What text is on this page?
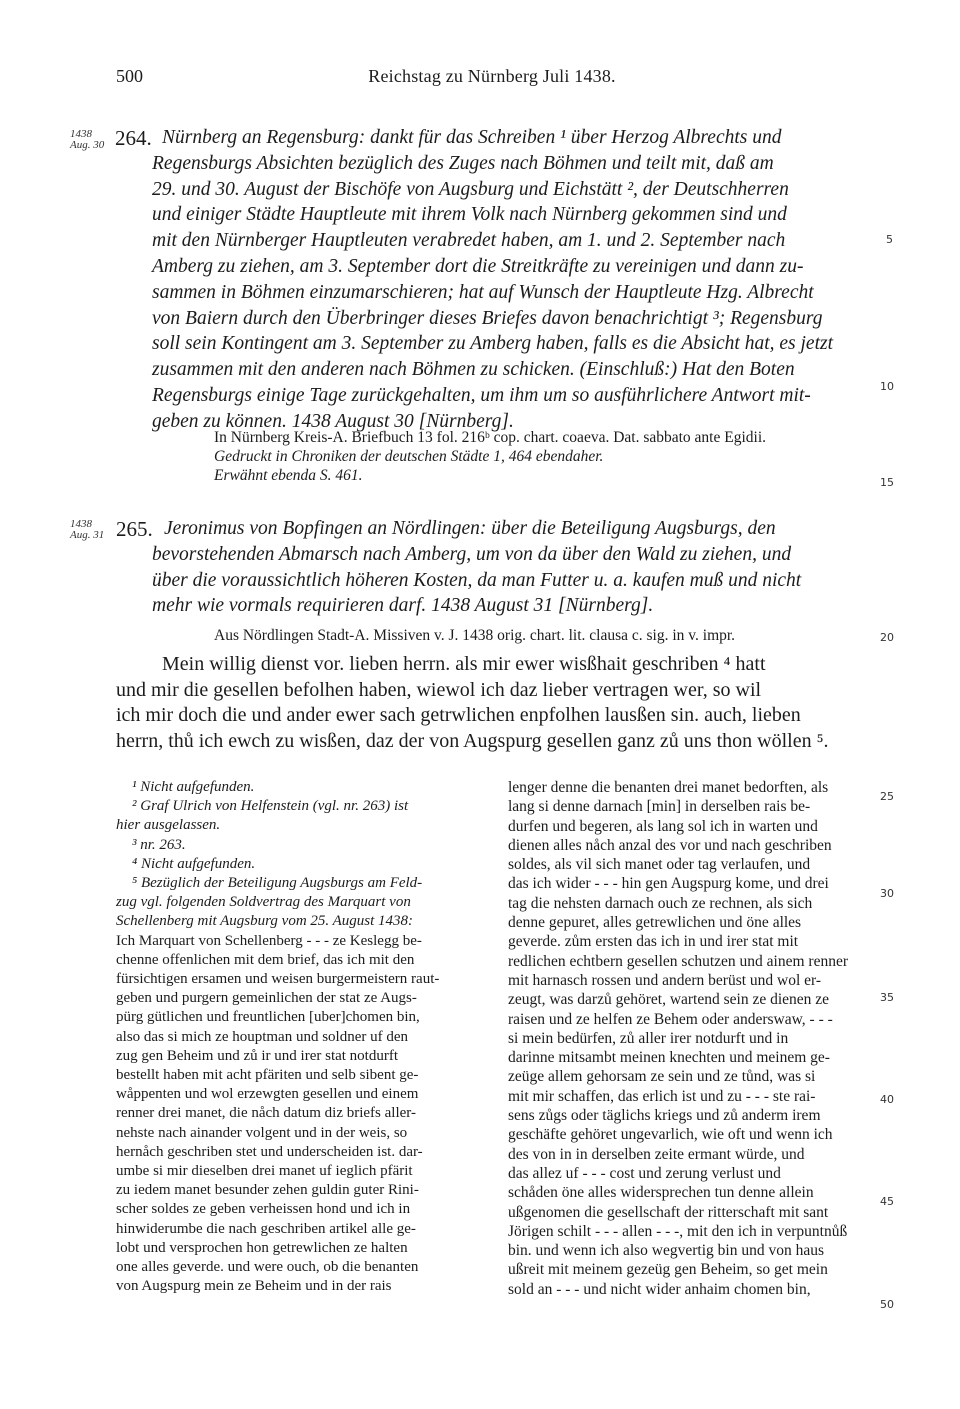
500	Reichstag zu Nürnberg Juli 1438.
1438
Aug. 30 264. Nürnberg an Regensburg: dankt für das Schreiben ¹ über Herzog Albrechts und
Regensburgs Absichten bezüglich des Zuges nach Böhmen und teilt mit, daß am
29. und 30. August der Bischöfe von Augsburg und Eichstätt ², der Deutschherren
und einiger Städte Hauptleute mit ihrem Volk nach Nürnberg gekommen sind und
mit den Nürnberger Hauptleuten verabredet haben, am 1. und 2. September nach
Amberg zu ziehen, am 3. September dort die Streitkräfte zu vereinigen und dann zu-
sammen in Böhmen einzumarschieren; hat auf Wunsch der Hauptleute Hzg. Albrecht
von Baiern durch den Überbringer dieses Briefes davon benachrichtigt ³; Regensburg
soll sein Kontingent am 3. September zu Amberg haben, falls es die Absicht hat, es jetzt
zusammen mit den anderen nach Böhmen zu schicken. (Einschluß:) Hat den Boten
Regensburgs einige Tage zurückgehalten, um ihm um so ausführlichere Antwort mit-
geben zu können. 1438 August 30 [Nürnberg].
In Nürnberg Kreis-A. Briefbuch 13 fol. 216ᵇ cop. chart. coaeva. Dat. sabbato ante Egidii.
Gedruckt in Chroniken der deutschen Städte 1, 464 ebendaher.
Erwähnt ebenda S. 461.
1438
Aug. 31 265. Jeronimus von Bopfingen an Nördlingen: über die Beteiligung Augsburgs, den
bevorstehenden Abmarsch nach Amberg, um von da über den Wald zu ziehen, und
über die voraussichtlich höheren Kosten, da man Futter u. a. kaufen muß und nicht
mehr wie vormals requirieren darf. 1438 August 31 [Nürnberg].
Aus Nördlingen Stadt-A. Missiven v. J. 1438 orig. chart. lit. clausa c. sig. in v. impr.
Mein willig dienst vor. lieben herrn. als mir ewer wisßhait geschriben ⁴ hatt
und mir die gesellen befolhen haben, wiewol ich daz lieber vertragen wer, so wil
ich mir doch die und ander ewer sach getrwlichen enpfolhen lausßen sin. auch, lieben
herrn, thů ich ewch zu wisßen, daz der von Augspurg gesellen ganz zů uns thon wöllen ⁵.
5
10
15
20
25
30
35
40
45
50
¹ Nicht aufgefunden.
² Graf Ulrich von Helfenstein (vgl. nr. 263) ist
hier ausgelassen.
³ nr. 263.
⁴ Nicht aufgefunden.
⁵ Bezüglich der Beteiligung Augsburgs am Feld-
zug vgl. folgenden Soldvertrag des Marquart von
Schellenberg mit Augsburg vom 25. August 1438:
Ich Marquart von Schellenberg - - - ze Keslegg be-
chenne offenlichen mit dem brief, das ich mit den
fürsichtigen ersamen und weisen burgermeistern raut-
geben und purgern gemeinlichen der stat ze Augs-
pürg gütlichen und freuntlichen [uber]chomen bin,
also das si mich ze houptman und soldner uf den
zug gen Beheim und zů ir und irer stat notdurft
bestellt haben mit acht pfäriten und selb sibent ge-
wåppenten und wol erzewgten gesellen und einem
renner drei manet, die nåch datum diz briefs aller-
nehste nach ainander volgent und in der weis, so
hernåch geschriben stet und underscheiden ist. dar-
umbe si mir dieselben drei manet uf ieglich pfärit
zu iedem manet besunder zehen guldin guter Rini-
scher soldes ze geben verheissen hond und ich in
hinwiderumbe die nach geschriben artikel alle ge-
lobt und versprochen hon getrewlichen ze halten
one alles geverde. und were ouch, ob die benanten
von Augspurg mein ze Beheim und in der rais
lenger denne die benanten drei manet bedorften, als
lang si denne darnach [min] in derselben rais be-
durfen und begeren, als lang sol ich in warten und
dienen alles nåch anzal des vor und nach geschriben
soldes, als vil sich manet oder tag verlaufen, und
das ich wider - - - hin gen Augspurg kome, und drei
tag die nehsten darnach ouch ze rechnen, als sich
denne gepuret, alles getrewlichen und öne alles
geverde. zům ersten das ich in und irer stat mit
redlichen echtbern gesellen schutzen und ainem renner
mit harnasch rossen und andern berüst und wol er-
zeugt, was darzů gehöret, wartend sein ze dienen ze
raisen und ze helfen ze Behem oder anderswaw, - - -
si mein bedürfen, zů aller irer notdurft und in
darinne mitsambt meinen knechten und meinem ge-
zeüge allem gehorsam ze sein und ze tůnd, was si
mit mir schaffen, das erlich ist und zu - - - ste rai-
sens zůgs oder täglichs kriegs und zů anderm irem
geschäfte gehöret ungevarlich, wie oft und wenn ich
des von in in derselben zeite ermant würde, und
das allez uf - - - cost und zerung verlust und
schåden öne alles widersprechen tun denne allein
ußgenomen die gesellschaft der ritterschaft mit sant
Jörigen schilt - - - allen - - -, mit den ich in verpuntnůß
bin. und wenn ich also wegvertig bin und von haus
ußreit mit meinem gezeüg gen Beheim, so get mein
sold an - - - und nicht wider anhaim chomen bin,
